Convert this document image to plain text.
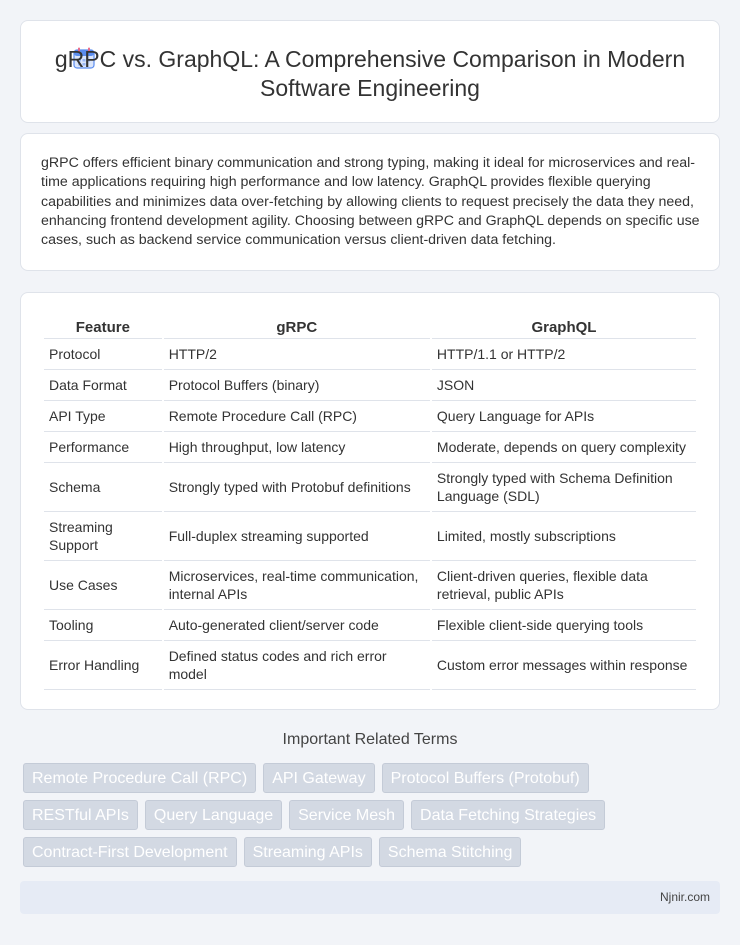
gRPC vs. GraphQL: A Comprehensive Comparison in Modern Software Engineering

gRPC offers efficient binary communication and strong typing, making it ideal for microservices and real-time applications requiring high performance and low latency. GraphQL provides flexible querying capabilities and minimizes data over-fetching by allowing clients to request precisely the data they need, enhancing frontend development agility. Choosing between gRPC and GraphQL depends on specific use cases, such as backend service communication versus client-driven data fetching.

Feature	gRPC	GraphQL
Protocol	HTTP/2	HTTP/1.1 or HTTP/2
Data Format	Protocol Buffers (binary)	JSON
API Type	Remote Procedure Call (RPC)	Query Language for APIs
Performance	High throughput, low latency	Moderate, depends on query complexity
Schema	Strongly typed with Protobuf definitions	Strongly typed with Schema Definition Language (SDL)
Streaming Support	Full-duplex streaming supported	Limited, mostly subscriptions
Use Cases	Microservices, real-time communication, internal APIs	Client-driven queries, flexible data retrieval, public APIs
Tooling	Auto-generated client/server code	Flexible client-side querying tools
Error Handling	Defined status codes and rich error model	Custom error messages within response
Important Related Terms
Remote Procedure Call (RPC)	API Gateway	Protocol Buffers (Protobuf)
RESTful APIs	Query Language	Service Mesh	Data Fetching Strategies
Contract-First Development	Streaming APIs	Schema Stitching
Njnir.com
